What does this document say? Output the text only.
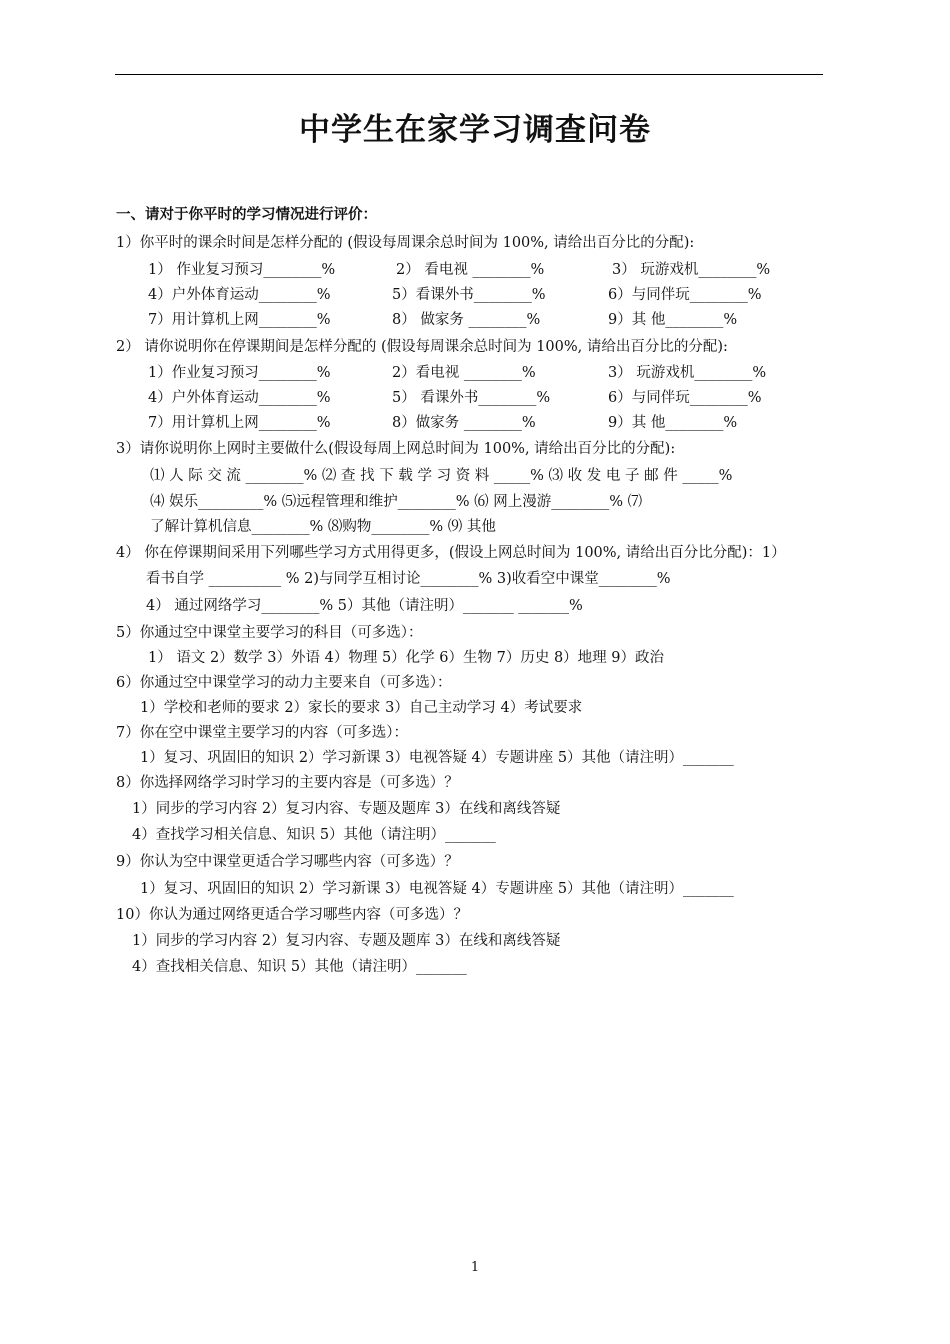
中学生在家学习调查问卷
一、请对于你平时的学习情况进行评价：
1）你平时的课余时间是怎样分配的 (假设每周课余总时间为 100%, 请给出百分比的分配):
1） 作业复习预习________%	2） 看电视 ________%	3） 玩游戏机________%
4）户外体育运动________%	5）看课外书________%	6）与同伴玩________%
7）用计算机上网________%	8） 做家务 ________%	9）其 他________%
2） 请你说明你在停课期间是怎样分配的 (假设每周课余总时间为 100%, 请给出百分比的分配):
1）作业复习预习________%	2）看电视 ________%	3） 玩游戏机________%
4）户外体育运动________%	5） 看课外书________%	6）与同伴玩________%
7）用计算机上网________%	8）做家务 ________%	9）其 他________%
3）请你说明你上网时主要做什么(假设每周上网总时间为 100%, 请给出百分比的分配):
⑴ 人 际 交 流 ________% ⑵ 查 找 下 载 学 习 资 料 _____% ⑶ 收 发 电 子 邮 件 _____%
⑷ 娱乐_________% ⑸远程管理和维护________% ⑹ 网上漫游________% ⑺
了解计算机信息________% ⑻购物________% ⑼ 其他
4） 你在停课期间采用下列哪些学习方式用得更多，(假设上网总时间为 100%, 请给出百分比分配)：1）
看书自学 __________ % 2)与同学互相讨论________% 3)收看空中课堂________%
4） 通过网络学习________% 5）其他（请注明）_______ _______%
5）你通过空中课堂主要学习的科目（可多选）：
1） 语文 2）数学 3）外语 4）物理 5）化学 6）生物 7）历史 8）地理 9）政治
6）你通过空中课堂学习的动力主要来自（可多选）：
1）学校和老师的要求 2）家长的要求 3）自己主动学习 4）考试要求
7）你在空中课堂主要学习的内容（可多选）：
1）复习、巩固旧的知识 2）学习新课 3）电视答疑 4）专题讲座 5）其他（请注明）_______
8）你选择网络学习时学习的主要内容是（可多选）？
1）同步的学习内容 2）复习内容、专题及题库 3）在线和离线答疑
4）查找学习相关信息、知识 5）其他（请注明）_______
9）你认为空中课堂更适合学习哪些内容（可多选）？
1）复习、巩固旧的知识 2）学习新课 3）电视答疑 4）专题讲座 5）其他（请注明）_______
10）你认为通过网络更适合学习哪些内容（可多选）？
1）同步的学习内容 2）复习内容、专题及题库 3）在线和离线答疑
4）查找相关信息、知识 5）其他（请注明）_______
1
